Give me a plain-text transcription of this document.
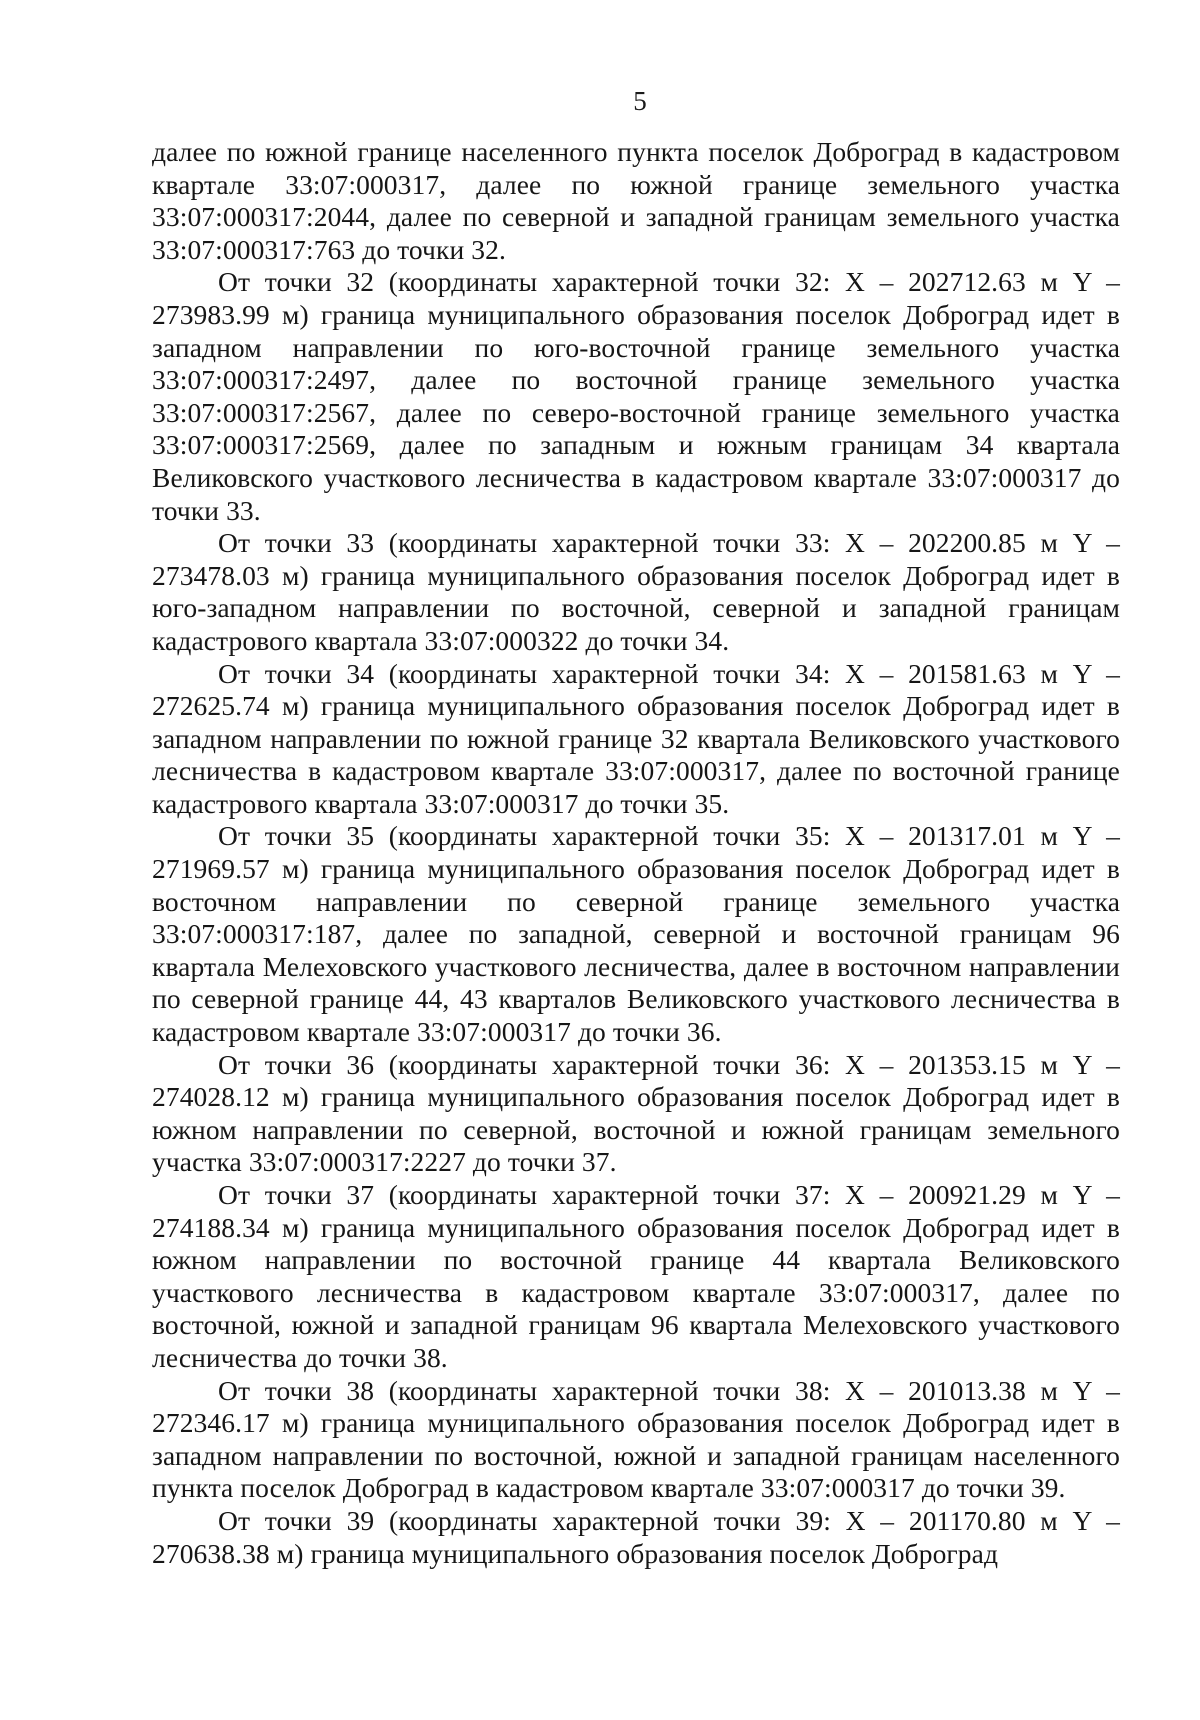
5

далее по южной границе населенного пункта поселок Доброград в кадастровом квартале 33:07:000317, далее по южной границе земельного участка 33:07:000317:2044, далее по северной и западной границам земельного участка 33:07:000317:763 до точки 32.

От точки 32 (координаты характерной точки 32: X – 202712.63 м Y – 273983.99 м) граница муниципального образования поселок Доброград идет в западном направлении по юго-восточной границе земельного участка 33:07:000317:2497, далее по восточной границе земельного участка 33:07:000317:2567, далее по северо-восточной границе земельного участка 33:07:000317:2569, далее по западным и южным границам 34 квартала Великовского участкового лесничества в кадастровом квартале 33:07:000317 до точки 33.

От точки 33 (координаты характерной точки 33: X – 202200.85 м Y – 273478.03 м) граница муниципального образования поселок Доброград идет в юго-западном направлении по восточной, северной и западной границам кадастрового квартала 33:07:000322 до точки 34.

От точки 34 (координаты характерной точки 34: X – 201581.63 м Y – 272625.74 м) граница муниципального образования поселок Доброград идет в западном направлении по южной границе 32 квартала Великовского участкового лесничества в кадастровом квартале 33:07:000317, далее по восточной границе кадастрового квартала 33:07:000317 до точки 35.

От точки 35 (координаты характерной точки 35: X – 201317.01 м Y – 271969.57 м) граница муниципального образования поселок Доброград идет в восточном направлении по северной границе земельного участка 33:07:000317:187, далее по западной, северной и восточной границам 96 квартала Мелеховского участкового лесничества, далее в восточном направлении по северной границе 44, 43 кварталов Великовского участкового лесничества в кадастровом квартале 33:07:000317 до точки 36.

От точки 36 (координаты характерной точки 36: X – 201353.15 м Y – 274028.12 м) граница муниципального образования поселок Доброград идет в южном направлении по северной, восточной и южной границам земельного участка 33:07:000317:2227 до точки 37.

От точки 37 (координаты характерной точки 37: X – 200921.29 м Y – 274188.34 м) граница муниципального образования поселок Доброград идет в южном направлении по восточной границе 44 квартала Великовского участкового лесничества в кадастровом квартале 33:07:000317, далее по восточной, южной и западной границам 96 квартала Мелеховского участкового лесничества до точки 38.

От точки 38 (координаты характерной точки 38: X – 201013.38 м Y – 272346.17 м) граница муниципального образования поселок Доброград идет в западном направлении по восточной, южной и западной границам населенного пункта поселок Доброград в кадастровом квартале 33:07:000317 до точки 39.

От точки 39 (координаты характерной точки 39: X – 201170.80 м Y – 270638.38 м) граница муниципального образования поселок Доброград
